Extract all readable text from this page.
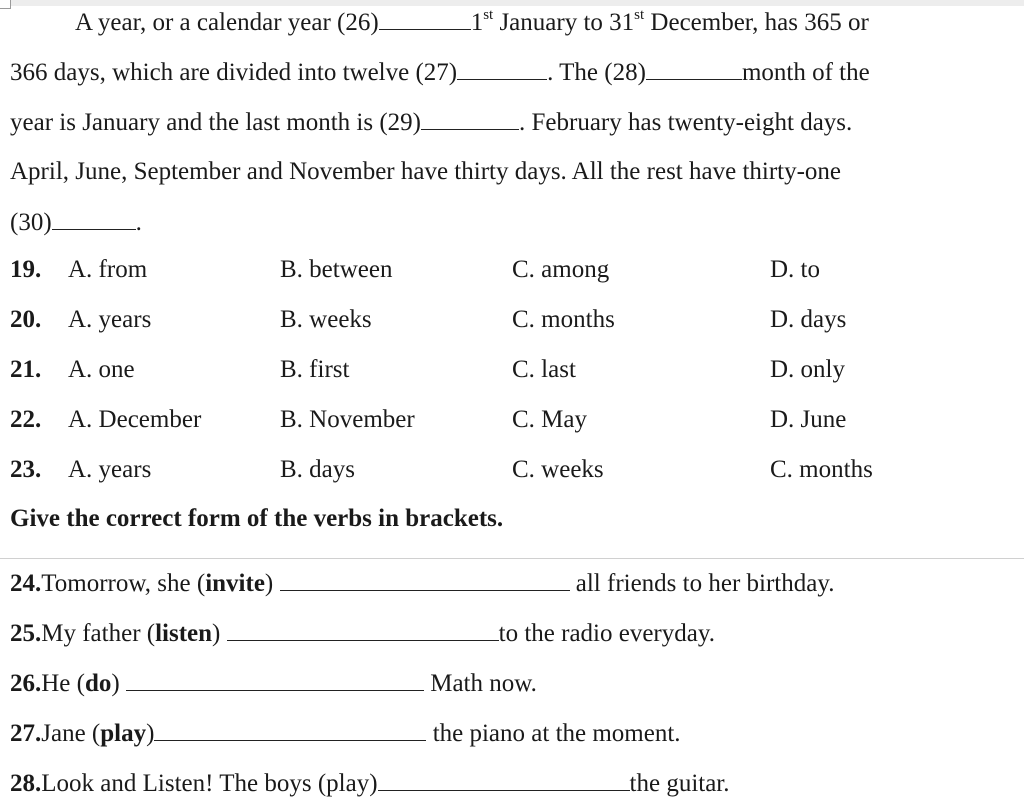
A year, or a calendar year (26)	1st January to 31st December, has 365 or
366 days, which are divided into twelve (27)	. The (28)	month of the
year is January and the last month is (29)	. February has twenty-eight days.
April, June, September and November have thirty days. All the rest have thirty-one
(30)	.
19. A. from	B. between	C. among	D. to
20. A. years	B. weeks	C. months	D. days
21. A. one	B. first	C. last	D. only
22. A. December	B. November	C. May	D. June
23. A. years	B. days	C. weeks	C. months
Give the correct form of the verbs in brackets.
24.Tomorrow, she (invite)	all friends to her birthday.
25.My father (listen)	to the radio everyday.
26.He (do)	Math now.
27.Jane (play)	the piano at the moment.
28.Look and Listen! The boys (play)	the guitar.
